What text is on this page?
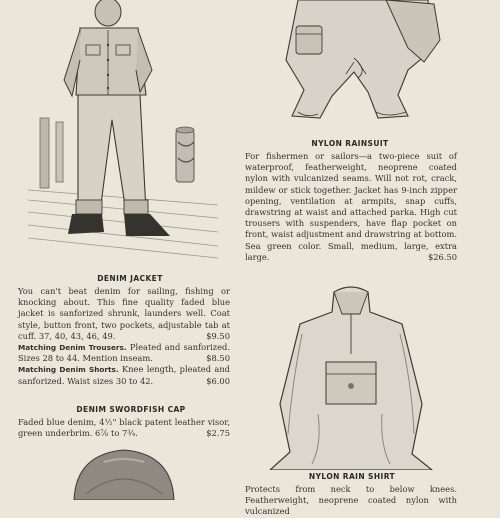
DENIM JACKET

You can't beat denim for sailing, fishing or knocking about. This fine quality faded blue jacket is sanforized shrunk, launders well. Coat style, button front, two pockets, adjustable tab at cuff. 37, 40, 43, 46, 49.	$9.50

Matching Denim Trousers. Pleated and sanforized. Sizes 28 to 44. Mention inseam.	$8.50

Matching Denim Shorts. Knee length, pleated and sanforized. Waist sizes 30 to 42.	$6.00

DENIM SWORDFISH CAP

Faded blue denim, 4½" black patent leather visor, green underbrim. 6⅞ to 7¾.	$2.75

NYLON RAINSUIT

For fishermen or sailors—a two-piece suit of waterproof, featherweight, neoprene coated nylon with vulcanized seams. Will not rot, crack, mildew or stick together. Jacket has 9-inch zipper opening, ventilation at armpits, snap cuffs, drawstring at waist and attached parka. High cut trousers with suspenders, have flap pocket on front, waist adjustment and drawstring at bottom. Sea green color. Small, medium, large, extra large.	$26.50

NYLON RAIN SHIRT

Protects from neck to below knees. Featherweight, neoprene coated nylon with vulcanized
